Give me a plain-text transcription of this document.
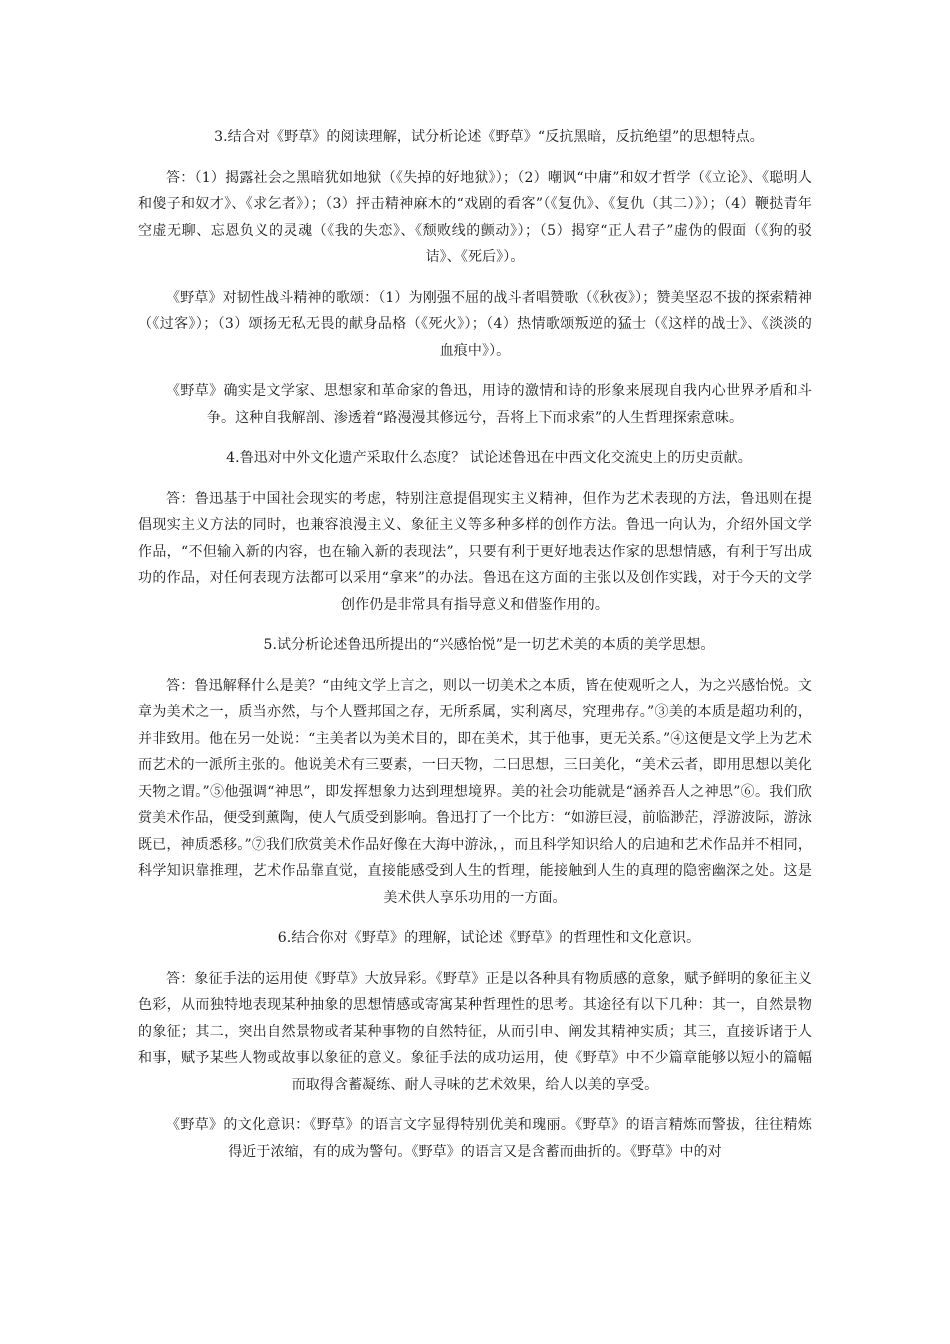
3.结合对《野草》的阅读理解，试分析论述《野草》“反抗黑暗，反抗绝望”的思想特点。

答：（1）揭露社会之黑暗犹如地狱（《失掉的好地狱》）；（2）嘲讽“中庸”和奴才哲学（《立论》、《聪明人和傻子和奴才》、《求乞者》）；（3）抨击精神麻木的“戏剧的看客”（《复仇》、《复仇（其二）》）；（4）鞭挞青年空虚无聊、忘恩负义的灵魂（《我的失恋》、《颓败线的颤动》）；（5）揭穿“正人君子”虚伪的假面（《狗的驳诘》、《死后》）。

《野草》对韧性战斗精神的歌颂：（1）为刚强不屈的战斗者唱赞歌（《秋夜》）；赞美坚忍不拔的探索精神（《过客》）；（3）颂扬无私无畏的献身品格（《死火》）；（4）热情歌颂叛逆的猛士（《这样的战士》、《淡淡的血痕中》）。

《野草》确实是文学家、思想家和革命家的鲁迅，用诗的激情和诗的形象来展现自我内心世界矛盾和斗争。这种自我解剖、渗透着“路漫漫其修远兮，吾将上下而求索”的人生哲理探索意味。

4.鲁迅对中外文化遗产采取什么态度？ 试论述鲁迅在中西文化交流史上的历史贡献。

答：鲁迅基于中国社会现实的考虑，特别注意提倡现实主义精神，但作为艺术表现的方法，鲁迅则在提倡现实主义方法的同时，也兼容浪漫主义、象征主义等多种多样的创作方法。鲁迅一向认为，介绍外国文学作品，“不但输入新的内容，也在输入新的表现法”，只要有利于更好地表达作家的思想情感，有利于写出成功的作品，对任何表现方法都可以采用“拿来”的办法。鲁迅在这方面的主张以及创作实践，对于今天的文学创作仍是非常具有指导意义和借鉴作用的。

5.试分析论述鲁迅所提出的“兴感怡悦”是一切艺术美的本质的美学思想。

答：鲁迅解释什么是美？“由纯文学上言之，则以一切美术之本质，皆在使观听之人，为之兴感怡悦。文章为美术之一，质当亦然，与个人暨邦国之存，无所系属，实利离尽，究理弗存。”③美的本质是超功利的，并非致用。他在另一处说：“主美者以为美术目的，即在美术，其于他事，更无关系。”④这便是文学上为艺术而艺术的一派所主张的。他说美术有三要素，一曰天物，二曰思想，三曰美化，“美术云者，即用思想以美化天物之谓。”⑤他强调“神思”，即发挥想象力达到理想境界。美的社会功能就是“涵养吾人之神思”⑥。我们欣赏美术作品，便受到薰陶，使人气质受到影响。鲁迅打了一个比方：“如游巨浸，前临渺茫，浮游波际，游泳既已，神质悉移。”⑦我们欣赏美术作品好像在大海中游泳，，而且科学知识给人的启迪和艺术作品并不相同，科学知识靠推理，艺术作品靠直觉，直接能感受到人生的哲理，能接触到人生的真理的隐密幽深之处。这是美术供人享乐功用的一方面。

6.结合你对《野草》的理解，试论述《野草》的哲理性和文化意识。

答：象征手法的运用使《野草》大放异彩。《野草》正是以各种具有物质感的意象，赋予鲜明的象征主义色彩，从而独特地表现某种抽象的思想情感或寄寓某种哲理性的思考。其途径有以下几种：其一，自然景物的象征；其二，突出自然景物或者某种事物的自然特征，从而引申、阐发其精神实质；其三，直接诉诸于人和事，赋予某些人物或故事以象征的意义。象征手法的成功运用，使《野草》中不少篇章能够以短小的篇幅而取得含蓄凝练、耐人寻味的艺术效果，给人以美的享受。

《野草》的文化意识：《野草》的语言文字显得特别优美和瑰丽。《野草》的语言精炼而警拔，往往精炼得近于浓缩，有的成为警句。《野草》的语言又是含蓄而曲折的。《野草》中的对
